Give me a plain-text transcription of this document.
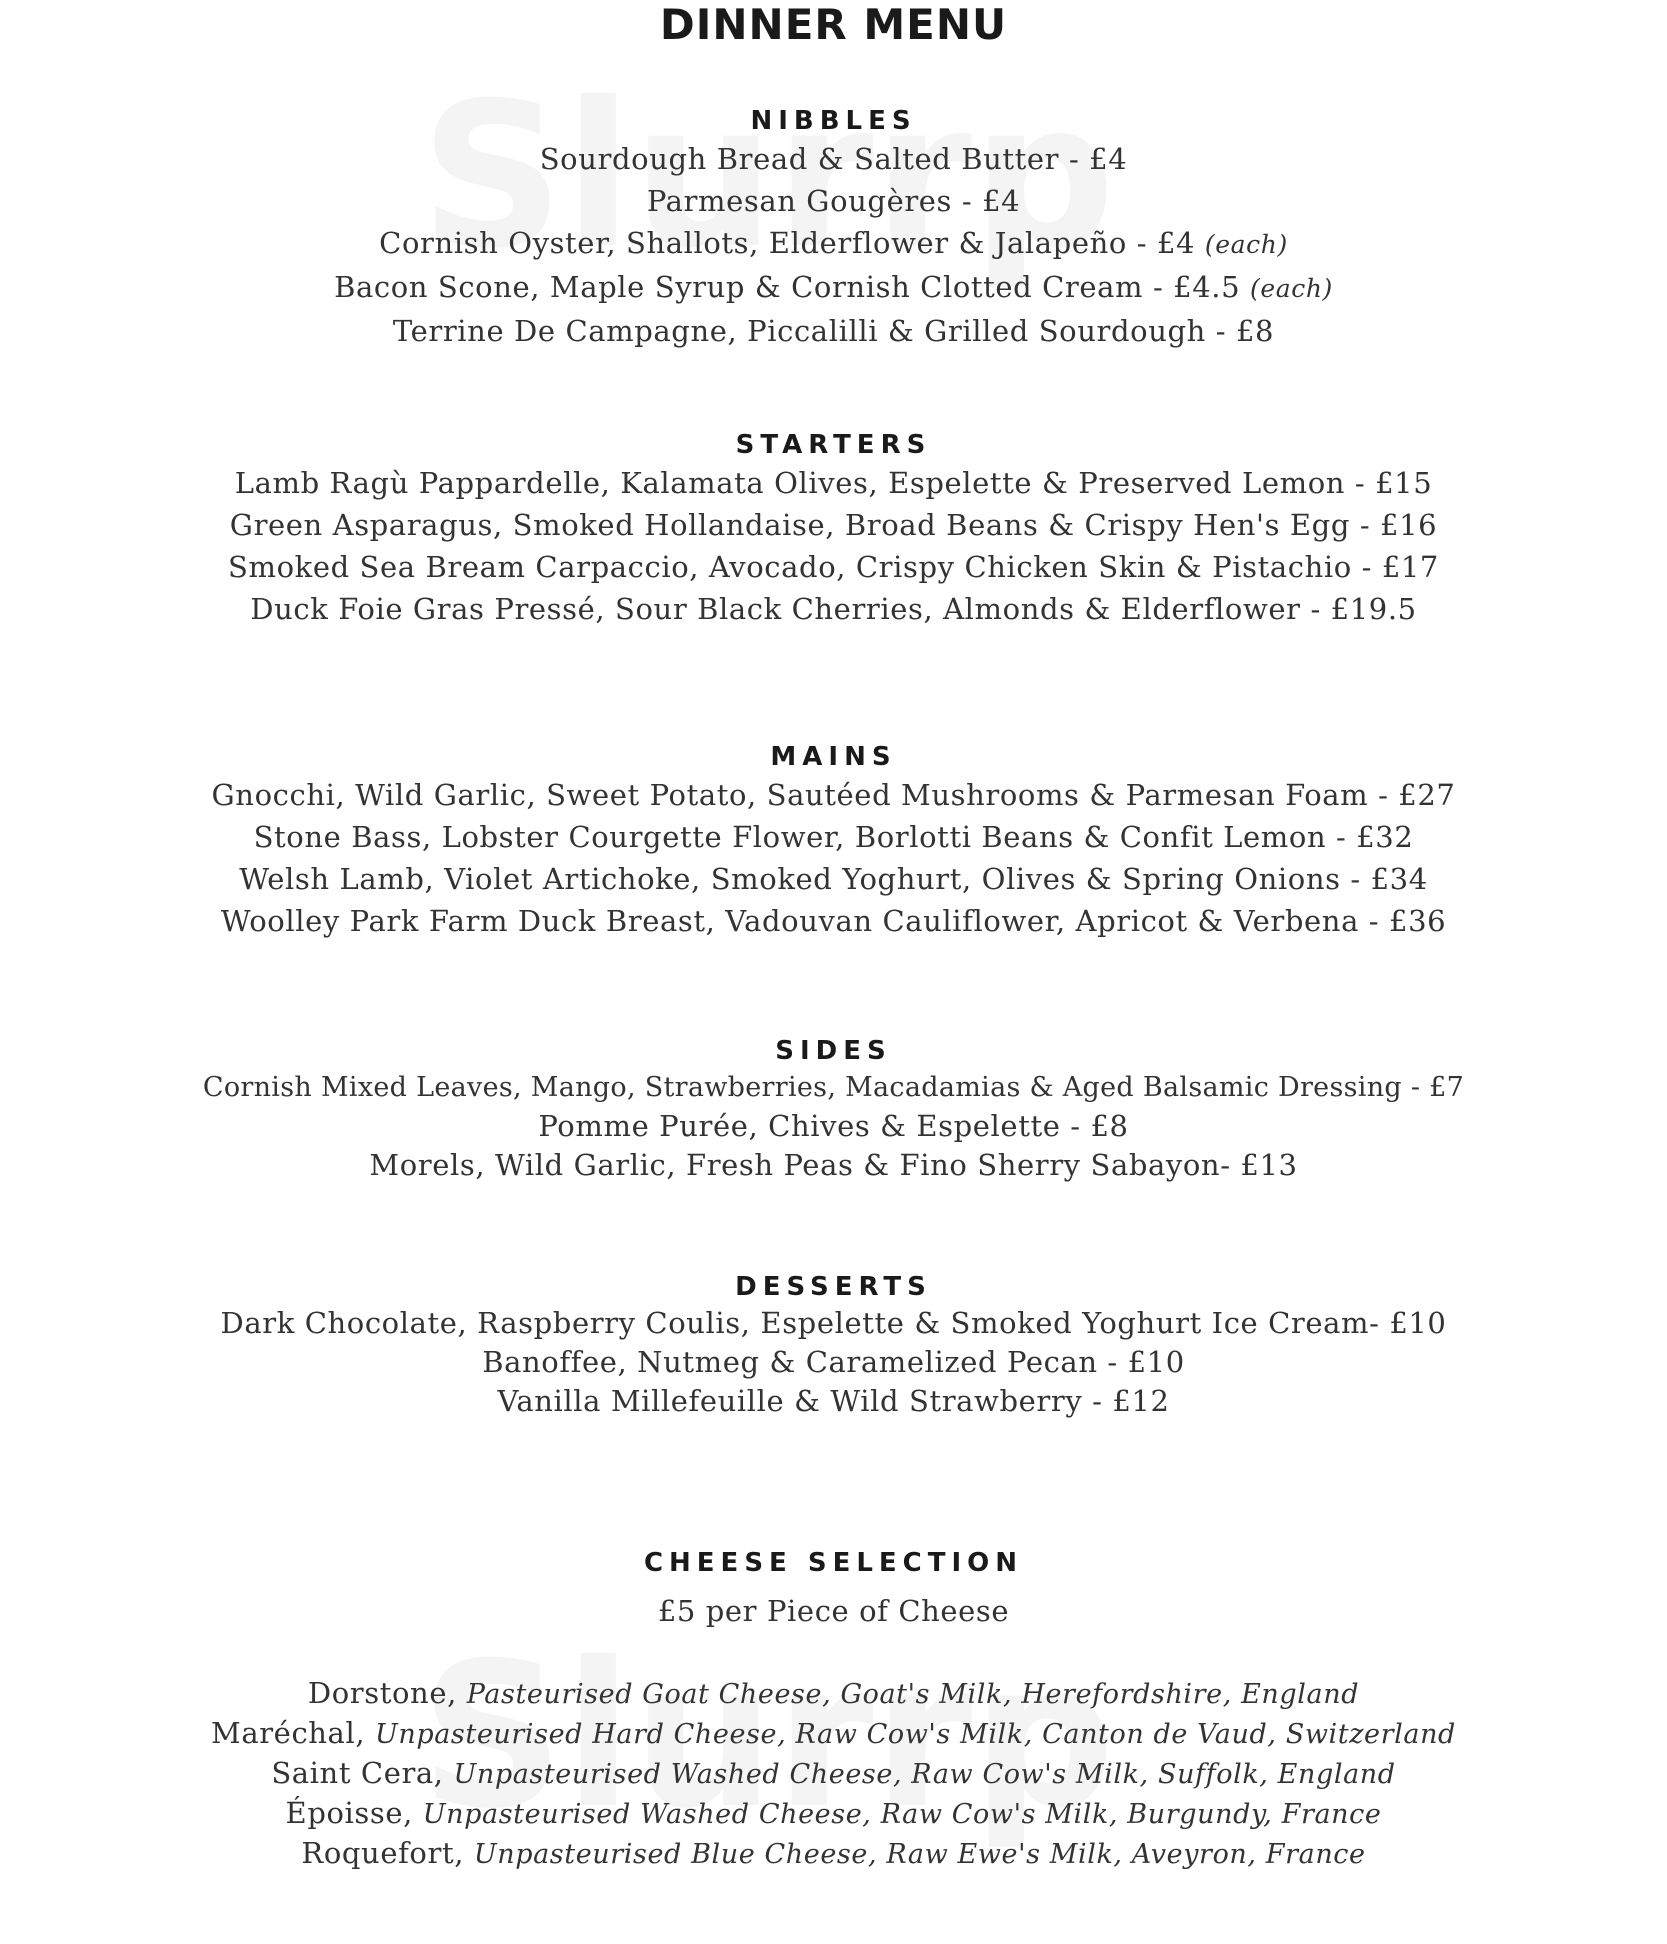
DINNER MENU
NIBBLES
Sourdough Bread & Salted Butter - £4
Parmesan Gougères - £4
Cornish Oyster, Shallots, Elderflower & Jalapeño - £4 (each)
Bacon Scone, Maple Syrup & Cornish Clotted Cream - £4.5 (each)
Terrine De Campagne, Piccalilli & Grilled Sourdough - £8
STARTERS
Lamb Ragù Pappardelle, Kalamata Olives, Espelette & Preserved Lemon - £15
Green Asparagus, Smoked Hollandaise, Broad Beans & Crispy Hen's Egg - £16
Smoked Sea Bream Carpaccio, Avocado, Crispy Chicken Skin & Pistachio - £17
Duck Foie Gras Pressé, Sour Black Cherries, Almonds & Elderflower - £19.5
MAINS
Gnocchi, Wild Garlic, Sweet Potato, Sautéed Mushrooms & Parmesan Foam - £27
Stone Bass, Lobster Courgette Flower, Borlotti Beans & Confit Lemon - £32
Welsh Lamb, Violet Artichoke, Smoked Yoghurt, Olives & Spring Onions - £34
Woolley Park Farm Duck Breast, Vadouvan Cauliflower, Apricot & Verbena - £36
SIDES
Cornish Mixed Leaves, Mango, Strawberries, Macadamias & Aged Balsamic Dressing - £7
Pomme Purée, Chives & Espelette - £8
Morels, Wild Garlic, Fresh Peas & Fino Sherry Sabayon- £13
DESSERTS
Dark Chocolate, Raspberry Coulis, Espelette & Smoked Yoghurt Ice Cream- £10
Banoffee, Nutmeg & Caramelized Pecan - £10
Vanilla Millefeuille & Wild Strawberry - £12
CHEESE SELECTION
£5 per Piece of Cheese
Dorstone, Pasteurised Goat Cheese, Goat's Milk, Herefordshire, England
Maréchal, Unpasteurised Hard Cheese, Raw Cow's Milk, Canton de Vaud, Switzerland
Saint Cera, Unpasteurised Washed Cheese, Raw Cow's Milk, Suffolk, England
Époisse, Unpasteurised Washed Cheese, Raw Cow's Milk, Burgundy, France
Roquefort, Unpasteurised Blue Cheese, Raw Ewe's Milk, Aveyron, France
